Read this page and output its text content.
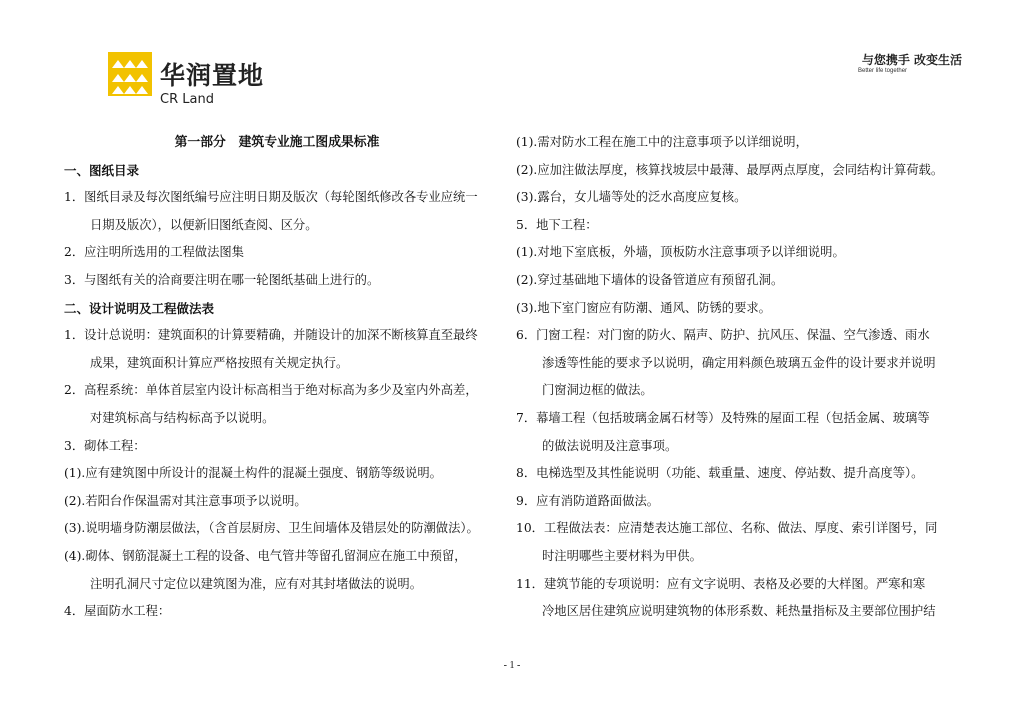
华润置地
CR Land
与您携手 改变生活
Better life together
第一部分　建筑专业施工图成果标准
一、图纸目录
1．图纸目录及每次图纸编号应注明日期及版次（每轮图纸修改各专业应统一
日期及版次），以便新旧图纸查阅、区分。
2．应注明所选用的工程做法图集
3．与图纸有关的洽商要注明在哪一轮图纸基础上进行的。
二、设计说明及工程做法表
1．设计总说明：建筑面积的计算要精确，并随设计的加深不断核算直至最终
成果，建筑面积计算应严格按照有关规定执行。
2．高程系统：单体首层室内设计标高相当于绝对标高为多少及室内外高差，
对建筑标高与结构标高予以说明。
3．砌体工程：
(1).应有建筑图中所设计的混凝土构件的混凝土强度、钢筋等级说明。
(2).若阳台作保温需对其注意事项予以说明。
(3).说明墙身防潮层做法，（含首层厨房、卫生间墙体及错层处的防潮做法）。
(4).砌体、钢筋混凝土工程的设备、电气管井等留孔留洞应在施工中预留，
注明孔洞尺寸定位以建筑图为准，应有对其封堵做法的说明。
4．屋面防水工程：
(1).需对防水工程在施工中的注意事项予以详细说明，
(2).应加注做法厚度，核算找坡层中最薄、最厚两点厚度，会同结构计算荷载。
(3).露台，女儿墙等处的泛水高度应复核。
5．地下工程：
(1).对地下室底板，外墙，顶板防水注意事项予以详细说明。
(2).穿过基础地下墙体的设备管道应有预留孔洞。
(3).地下室门窗应有防潮、通风、防锈的要求。
6．门窗工程：对门窗的防火、隔声、防护、抗风压、保温、空气渗透、雨水
渗透等性能的要求予以说明，确定用料颜色玻璃五金件的设计要求并说明
门窗洞边框的做法。
7．幕墙工程（包括玻璃金属石材等）及特殊的屋面工程（包括金属、玻璃等
的做法说明及注意事项。
8．电梯选型及其性能说明（功能、载重量、速度、停站数、提升高度等）。
9．应有消防道路面做法。
10．工程做法表：应清楚表达施工部位、名称、做法、厚度、索引详图号，同
时注明哪些主要材料为甲供。
11．建筑节能的专项说明：应有文字说明、表格及必要的大样图。严寒和寒
冷地区居住建筑应说明建筑物的体形系数、耗热量指标及主要部位围护结
- 1 -
